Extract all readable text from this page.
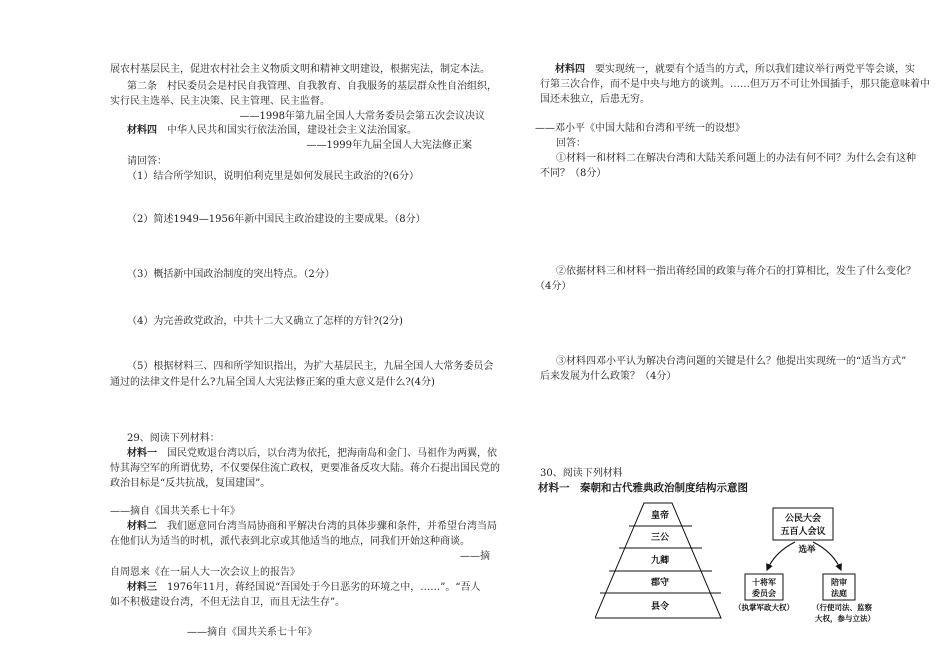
展农村基层民主，促进农村社会主义物质文明和精神文明建设，根据宪法，制定本法。
第二条　村民委员会是村民自我管理、自我教育、自我服务的基层群众性自治组织，
实行民主选举、民主决策、民主管理、民主监督。
——1998年第九届全国人大常务委员会第五次会议决议
材料四　中华人民共和国实行依法治国，建设社会主义法治国家。
——1999年九届全国人大宪法修正案
请回答：
（1）结合所学知识，说明伯利克里是如何发展民主政治的?(6分）
（2）简述1949—1956年新中国民主政治建设的主要成果。（8分）
（3）概括新中国政治制度的突出特点。（2分）
（4）为完善政党政治，中共十二大又确立了怎样的方针?(2分)
（5）根据材料三、四和所学知识指出，为扩大基层民主，九届全国人大常务委员会
通过的法律文件是什么?九届全国人大宪法修正案的重大意义是什么?(4分)
29、阅读下列材料：
材料一　国民党败退台湾以后，以台湾为依托，把海南岛和金门、马祖作为两翼，依
恃其海空军的所谓优势，不仅要保住流亡政权，更要准备反攻大陆。蒋介石提出国民党的
政治目标是“反共抗战，复国建国”。
——摘自《国共关系七十年》
材料二　我们愿意同台湾当局协商和平解决台湾的具体步骤和条件，并希望台湾当局
在他们认为适当的时机，派代表到北京或其他适当的地点，同我们开始这种商谈。
——摘
自周恩来《在一届人大一次会议上的报告》
材料三　1976年11月，蒋经国说“吾国处于今日恶劣的环境之中，……”。“吾人
如不积极建设台湾，不但无法自卫，而且无法生存”。
——摘自《国共关系七十年》
材料四　要实现统一，就要有个适当的方式，所以我们建议举行两党平等会谈，实
行第三次合作，而不是中央与地方的谈判。……但万万不可让外国插手，那只能意味着中
国还未独立，后患无穷。
——邓小平《中国大陆和台湾和平统一的设想》
回答：
①材料一和材料二在解决台湾和大陆关系问题上的办法有何不同？为什么会有这种
不同？（8分）
②依据材料三和材料一指出蒋经国的政策与蒋介石的打算相比，发生了什么变化？
（4分）
③材料四邓小平认为解决台湾问题的关键是什么？他提出实现统一的“适当方式”
后来发展为什么政策？（4分）
30、阅读下列材料
材料一　秦朝和古代雅典政治制度结构示意图
皇帝
三公
九卿
郡守
县令
公民大会
五百人会议
选举
十将军
委员会
（执掌军政大权）
陪审
法庭
（行使司法、监察
大权，参与立法）
